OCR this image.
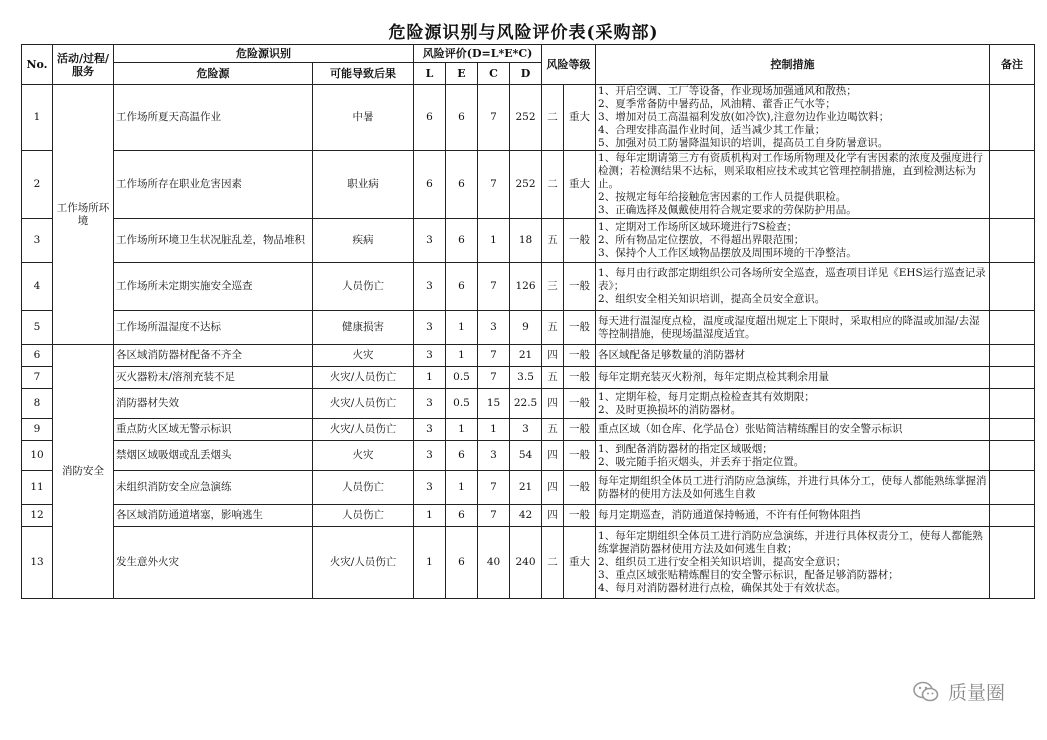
危险源识别与风险评价表(采购部)
No.	活动/过程/服务	危险源识别		风险评价(D=L*E*C)				风险等级		控制措施	备注
		危险源	可能导致后果	L	E	C	D				
1	工作场所环境	工作场所夏天高温作业	中暑	6	6	7	252	二	重大	1、开启空调、工厂等设备，作业现场加强通风和散热；
2、夏季常备防中暑药品，风油精、藿香正气水等；
3、增加对员工高温福利发放(如冷饮),注意勿边作业边喝饮料；
4、合理安排高温作业时间，适当减少其工作量；
5、加强对员工防暑降温知识的培训，提高员工自身防暑意识。	

2		工作场所存在职业危害因素	职业病	6	6	7	252	二	重大	1、每年定期请第三方有资质机构对工作场所物理及化学有害因素的浓度及强度进行检测；若检测结果不达标，则采取相应技术或其它管理控制措施，直到检测达标为止。
2、按规定每年给接触危害因素的工作人员提供职检。
3、正确选择及佩戴使用符合规定要求的劳保防护用品。	

3		工作场所环境卫生状况脏乱差，物品堆积	疾病	3	6	1	18	五	一般	1、定期对工作场所区域环境进行7S检查；
2、所有物品定位摆放，不得超出界限范围；
3、保持个人工作区域物品摆放及周围环境的干净整洁。	

4		工作场所未定期实施安全巡查	人员伤亡	3	6	7	126	三	一般	1、每月由行政部定期组织公司各场所安全巡查，巡查项目详见《EHS运行巡查记录表》；
2、组织安全相关知识培训，提高全员安全意识。	

5		工作场所温湿度不达标	健康损害	3	1	3	9	五	一般	每天进行温湿度点检，温度或湿度超出规定上下限时，采取相应的降温或加湿/去湿等控制措施，使现场温湿度适宜。	

6	消防安全	各区域消防器材配备不齐全	火灾	3	1	7	21	四	一般	各区域配备足够数量的消防器材	

7		灭火器粉末/溶剂充装不足	火灾/人员伤亡	1	0.5	7	3.5	五	一般	每年定期充装灭火粉剂，每年定期点检其剩余用量	

8		消防器材失效	火灾/人员伤亡	3	0.5	15	22.5	四	一般	1、定期年检，每月定期点检检查其有效期限；
2、及时更换损坏的消防器材。	

9		重点防火区域无警示标识	火灾/人员伤亡	3	1	1	3	五	一般	重点区域（如仓库、化学品仓）张贴简洁精练醒目的安全警示标识	

10		禁烟区域吸烟或乱丢烟头	火灾	3	6	3	54	四	一般	1、到配备消防器材的指定区域吸烟；
2、吸完随手掐灭烟头，并丢弃于指定位置。	

11		未组织消防安全应急演练	人员伤亡	3	1	7	21	四	一般	每年定期组织全体员工进行消防应急演练，并进行具体分工，使每人都能熟练掌握消防器材的使用方法及如何逃生自救	

12		各区域消防通道堵塞，影响逃生	人员伤亡	1	6	7	42	四	一般	每月定期巡查，消防通道保持畅通，不许有任何物体阻挡	

13		发生意外火灾	火灾/人员伤亡	1	6	40	240	二	重大	1、每年定期组织全体员工进行消防应急演练，并进行具体权责分工，使每人都能熟练掌握消防器材使用方法及如何逃生自救；
2、组织员工进行安全相关知识培训，提高安全意识；
3、重点区域张贴精炼醒目的安全警示标识，配备足够消防器材；
4、每月对消防器材进行点检，确保其处于有效状态。	

质量圈
